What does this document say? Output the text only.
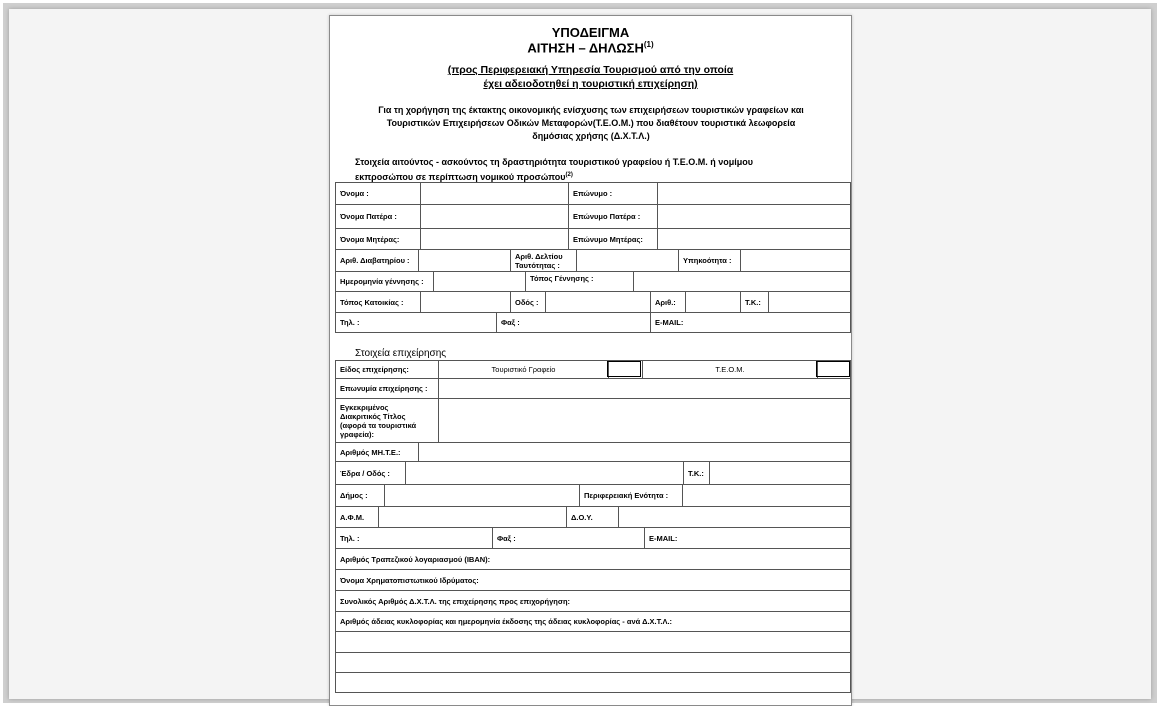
ΥΠΟΔΕΙΓΜΑ
ΑΙΤΗΣΗ – ΔΗΛΩΣΗ$^{(1)}$
(προς Περιφερειακή Υπηρεσία Τουρισμού από την οποία
έχει αδειοδοτηθεί η τουριστική επιχείρηση)
Για τη χορήγηση της έκτακτης οικονομικής ενίσχυσης των επιχειρήσεων τουριστικών γραφείων και
Τουριστικών Επιχειρήσεων Οδικών Μεταφορών(Τ.Ε.Ο.Μ.) που διαθέτουν τουριστικά λεωφορεία
δημόσιας χρήσης (Δ.Χ.Τ.Λ.)
Στοιχεία αιτούντος - ασκούντος τη δραστηριότητα τουριστικού γραφείου ή Τ.Ε.Ο.Μ. ή νομίμου
εκπροσώπου σε περίπτωση νομικού προσώπου$^{(2)}$
Όνομα :	Επώνυμο :
Όνομα Πατέρα :	Επώνυμο Πατέρα :
Όνομα Μητέρας:	Επώνυμο Μητέρας:
Αριθ. Διαβατηρίου :	Αριθ. Δελτίου Ταυτότητας :	Υπηκοότητα :
Ημερομηνία γέννησης :	Τόπος Γέννησης :
Τόπος Κατοικίας :	Οδός :	Αριθ.:	Τ.Κ.:
Τηλ. :	Φαξ :	E-MAIL:
Στοιχεία επιχείρησης
Είδος επιχείρησης:	Τουριστικό Γραφείο	Τ.Ε.Ο.Μ.
Επωνυμία επιχείρησης :
Εγκεκριμένος
Διακριτικός Τίτλος
(αφορά τα τουριστικά
γραφεία):
Αριθμός ΜΗ.Τ.Ε.:
Έδρα / Οδός :	Τ.Κ.:
Δήμος :	Περιφερειακή Ενότητα :
Α.Φ.Μ.	Δ.Ο.Υ.
Τηλ. :	Φαξ :	E-MAIL:
Αριθμός Τραπεζικού λογαριασμού (IBAN):
Όνομα Χρηματοπιστωτικού Ιδρύματος:
Συνολικός Αριθμός Δ.Χ.Τ.Λ. της επιχείρησης προς επιχορήγηση:
Αριθμός άδειας κυκλοφορίας και ημερομηνία έκδοσης της άδειας κυκλοφορίας - ανά Δ.Χ.Τ.Λ.:
